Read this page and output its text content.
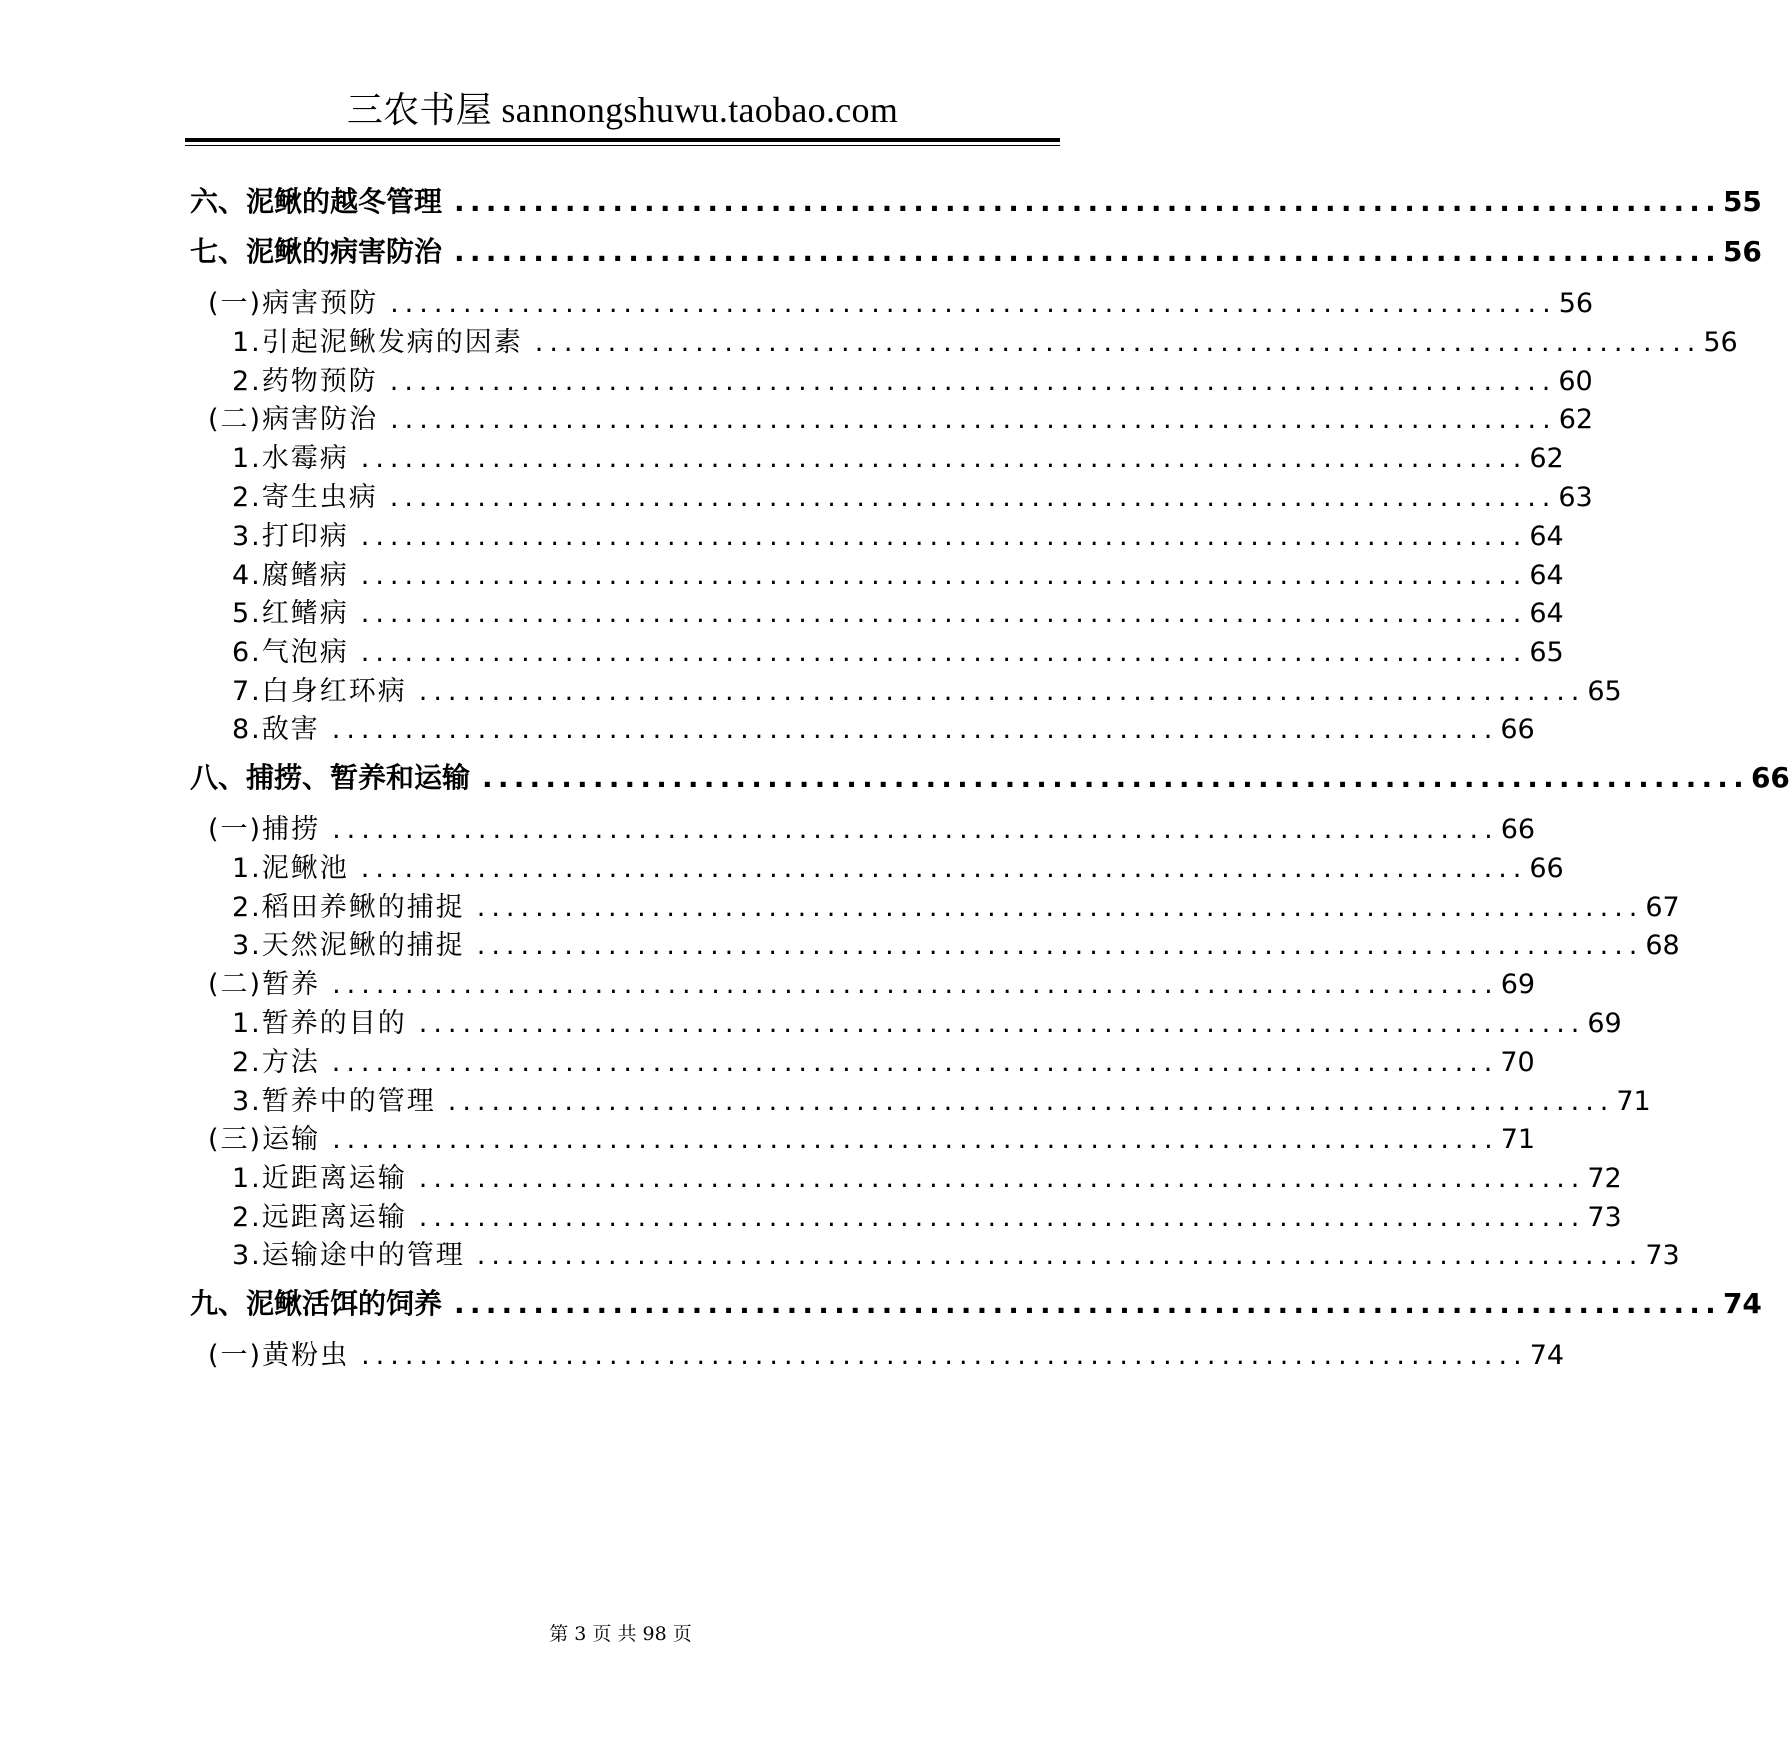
三农书屋 sannongshuwu.taobao.com
六、泥鳅的越冬管理 ................................................................................ 55
七、泥鳅的病害防治 ................................................................................ 56
(一)病害预防 ................................................................................ 56
1.引起泥鳅发病的因素 ................................................................................ 56
2.药物预防 ................................................................................ 60
(二)病害防治 ................................................................................ 62
1.水霉病 ................................................................................ 62
2.寄生虫病 ................................................................................ 63
3.打印病 ................................................................................ 64
4.腐鳍病 ................................................................................ 64
5.红鳍病 ................................................................................ 64
6.气泡病 ................................................................................ 65
7.白身红环病 ................................................................................ 65
8.敌害 ................................................................................ 66
八、捕捞、暂养和运输 ................................................................................ 66
(一)捕捞 ................................................................................ 66
1.泥鳅池 ................................................................................ 66
2.稻田养鳅的捕捉 ................................................................................ 67
3.天然泥鳅的捕捉 ................................................................................ 68
(二)暂养 ................................................................................ 69
1.暂养的目的 ................................................................................ 69
2.方法 ................................................................................ 70
3.暂养中的管理 ................................................................................ 71
(三)运输 ................................................................................ 71
1.近距离运输 ................................................................................ 72
2.远距离运输 ................................................................................ 73
3.运输途中的管理 ................................................................................ 73
九、泥鳅活饵的饲养 ................................................................................ 74
(一)黄粉虫 ................................................................................ 74
第 3 页 共 98 页
